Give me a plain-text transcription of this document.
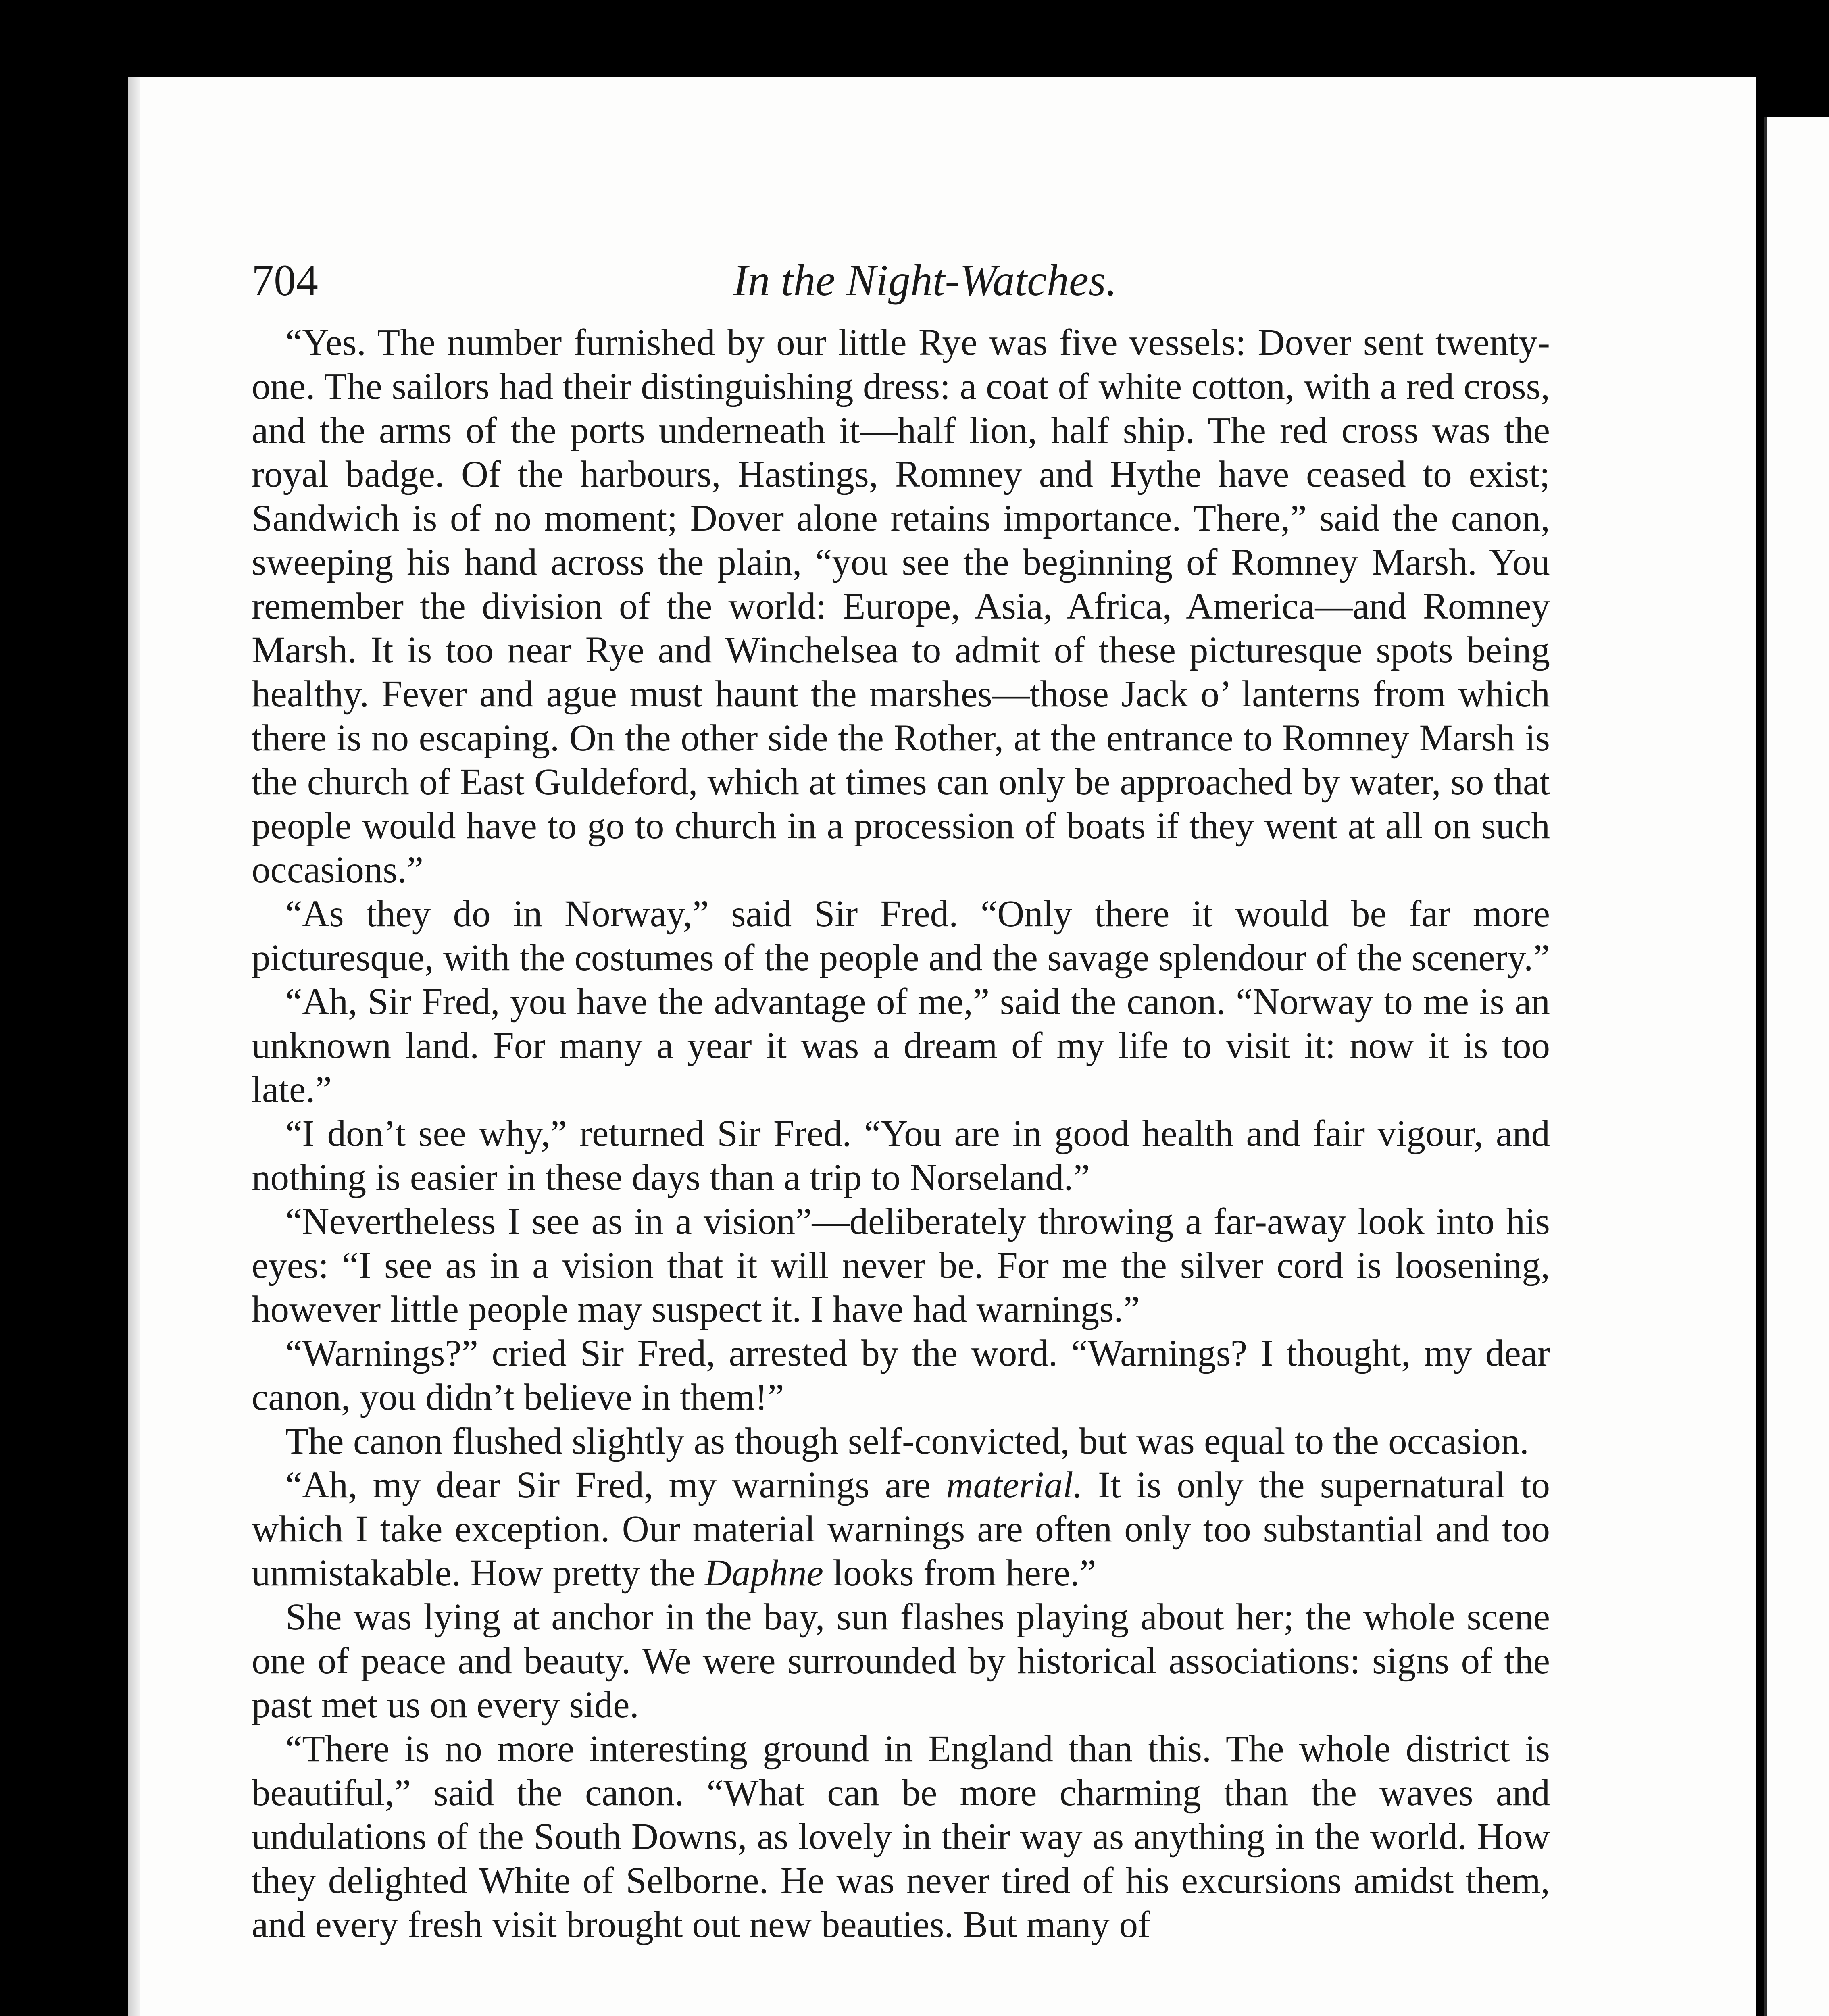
704	In the Night-Watches.

“Yes. The number furnished by our little Rye was five vessels: Dover sent twenty-one. The sailors had their distinguishing dress: a coat of white cotton, with a red cross, and the arms of the ports underneath it—half lion, half ship. The red cross was the royal badge. Of the harbours, Hastings, Romney and Hythe have ceased to exist; Sandwich is of no moment; Dover alone retains importance. There,” said the canon, sweeping his hand across the plain, “you see the beginning of Romney Marsh. You remember the division of the world: Europe, Asia, Africa, America—and Romney Marsh. It is too near Rye and Winchelsea to admit of these picturesque spots being healthy. Fever and ague must haunt the marshes—those Jack o’ lanterns from which there is no escaping. On the other side the Rother, at the entrance to Romney Marsh is the church of East Guldeford, which at times can only be approached by water, so that people would have to go to church in a procession of boats if they went at all on such occasions.”

“As they do in Norway,” said Sir Fred. “Only there it would be far more picturesque, with the costumes of the people and the savage splendour of the scenery.”

“Ah, Sir Fred, you have the advantage of me,” said the canon. “Norway to me is an unknown land. For many a year it was a dream of my life to visit it: now it is too late.”

“I don’t see why,” returned Sir Fred. “You are in good health and fair vigour, and nothing is easier in these days than a trip to Norseland.”

“Nevertheless I see as in a vision”—deliberately throwing a far-away look into his eyes: “I see as in a vision that it will never be. For me the silver cord is loosening, however little people may suspect it. I have had warnings.”

“Warnings?” cried Sir Fred, arrested by the word. “Warnings? I thought, my dear canon, you didn’t believe in them!”

The canon flushed slightly as though self-convicted, but was equal to the occasion.

“Ah, my dear Sir Fred, my warnings are material. It is only the supernatural to which I take exception. Our material warnings are often only too substantial and too unmistakable. How pretty the Daphne looks from here.”

She was lying at anchor in the bay, sun flashes playing about her; the whole scene one of peace and beauty. We were surrounded by historical associations: signs of the past met us on every side.

“There is no more interesting ground in England than this. The whole district is beautiful,” said the canon. “What can be more charming than the waves and undulations of the South Downs, as lovely in their way as anything in the world. How they delighted White of Selborne. He was never tired of his excursions amidst them, and every fresh visit brought out new beauties. But many of
